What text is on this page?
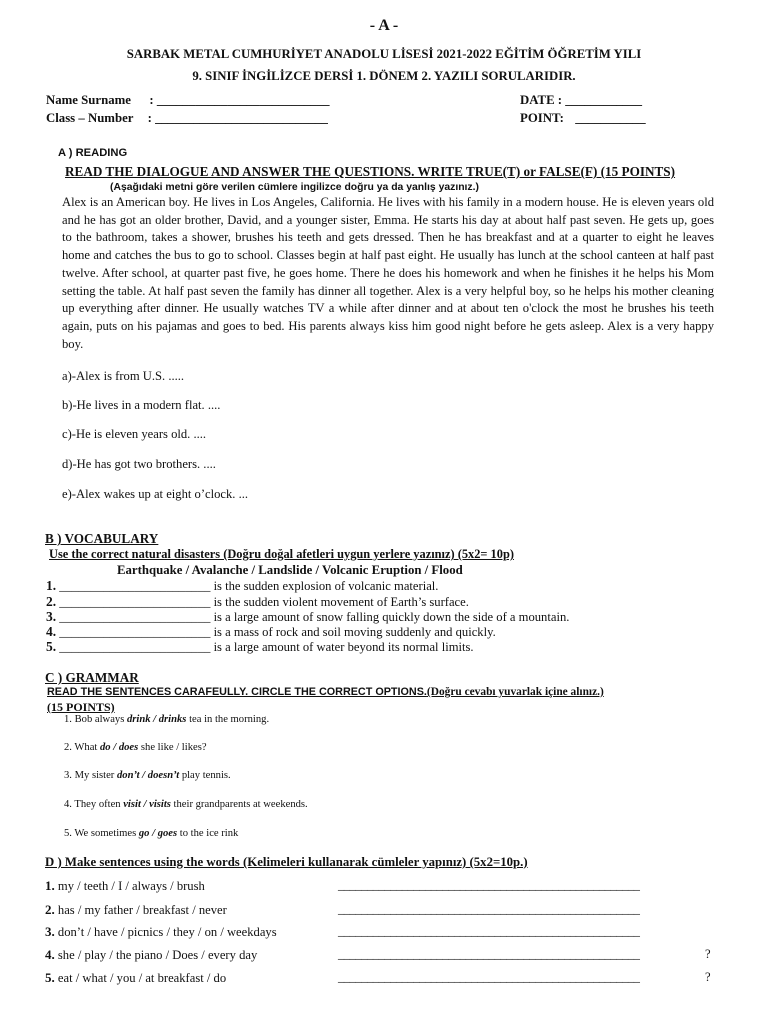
- A -
SARBAK METAL CUMHURİYET ANADOLU LİSESİ 2021-2022 EĞİTİM ÖĞRETİM YILI
9. SINIF İNGİLİZCE DERSİ 1. DÖNEM 2. YAZILI SORULARIDIR.
Name Surname : ___________________________
Class – Number : ___________________________
DATE : ____________
POINT: ___________
A ) READING
READ THE DIALOGUE AND ANSWER THE QUESTIONS. WRITE TRUE(T) or FALSE(F) (15 POINTS)
(Aşağıdaki metni göre verilen cümlere ingilizce doğru ya da yanlış yazınız.)
Alex is an American boy. He lives in Los Angeles, California. He lives with his family in a modern house. He is eleven years old and he has got an older brother, David, and a younger sister, Emma. He starts his day at about half past seven. He gets up, goes to the bathroom, takes a shower, brushes his teeth and gets dressed. Then he has breakfast and at a quarter to eight he leaves home and catches the bus to go to school. Classes begin at half past eight. He usually has lunch at the school canteen at half past twelve. After school, at quarter past five, he goes home. There he does his homework and when he finishes it he helps his Mom setting the table. At half past seven the family has dinner all together. Alex is a very helpful boy, so he helps his mother cleaning up everything after dinner. He usually watches TV a while after dinner and at about ten o'clock the most he brushes his teeth again, puts on his pajamas and goes to bed. His parents always kiss him good night before he gets asleep. Alex is a very happy boy.
a)-Alex is from U.S. .....
b)-He lives in a modern flat. ....
c)-He is eleven years old. ....
d)-He has got two brothers. ....
e)-Alex wakes up at eight o’clock. ...
B ) VOCABULARY
Use the correct natural disasters (Doğru doğal afetleri uygun yerlere yazınız) (5x2= 10p)
Earthquake / Avalanche / Landslide / Volcanic Eruption / Flood
1. ________________________ is the sudden explosion of volcanic material.
2. ________________________ is the sudden violent movement of Earth’s surface.
3. ________________________ is a large amount of snow falling quickly down the side of a mountain.
4. ________________________ is a mass of rock and soil moving suddenly and quickly.
5. ________________________ is a large amount of water beyond its normal limits.
C ) GRAMMAR
READ THE SENTENCES CARAFEULLY. CIRCLE THE CORRECT OPTIONS.(Doğru cevabı yuvarlak içine alınız.)
(15 POINTS)
1. Bob always drink / drinks tea in the morning.
2. What do / does she like / likes?
3. My sister don’t / doesn’t play tennis.
4. They often visit / visits their grandparents at weekends.
5. We sometimes go / goes to the ice rink
D ) Make sentences using the words (Kelimeleri kullanarak cümleler yapınız) (5x2=10p.)
1. my / teeth / I / always / brush	____________________________________________________
2. has / my father / breakfast / never	____________________________________________________
3. don’t / have / picnics / they / on / weekdays	____________________________________________________
4. she / play / the piano / Does / every day	____________________________________________________	?
5. eat / what / you / at breakfast / do	____________________________________________________	?
